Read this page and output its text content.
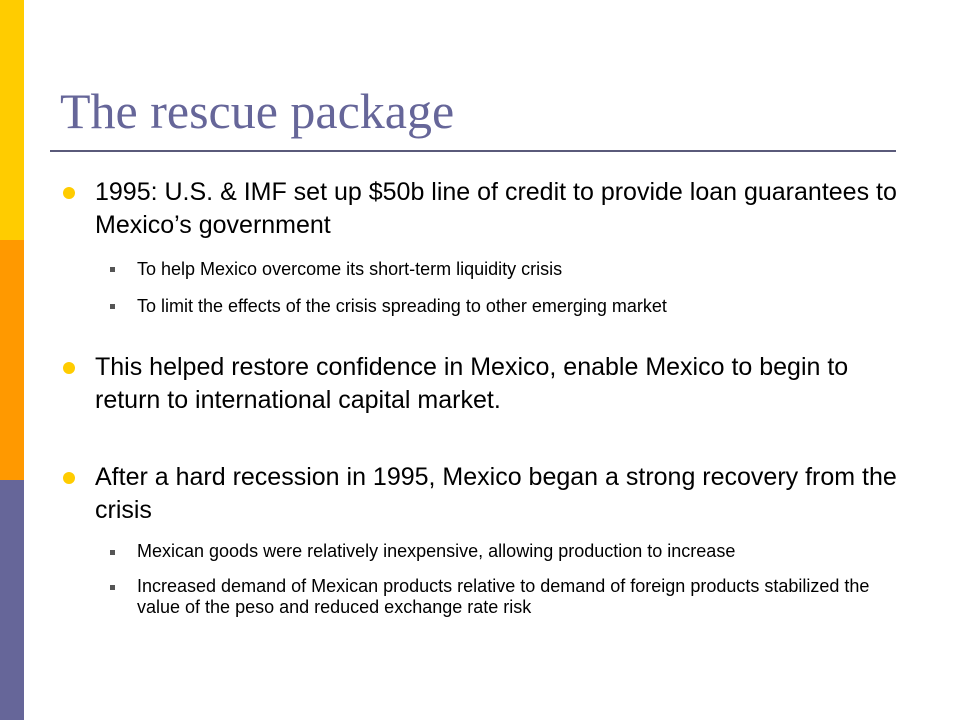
The rescue package
1995: U.S. & IMF set up $50b line of credit to provide loan guarantees to Mexico’s government
To help Mexico overcome its short-term liquidity crisis
To limit the effects of the crisis spreading to other emerging market
This helped restore confidence in Mexico, enable Mexico to begin to return to international capital market.
After a hard recession in 1995, Mexico began a strong recovery from the crisis
Mexican goods were relatively inexpensive, allowing production to increase
Increased demand of Mexican products relative to demand of foreign products stabilized the value of the peso and reduced exchange rate risk
